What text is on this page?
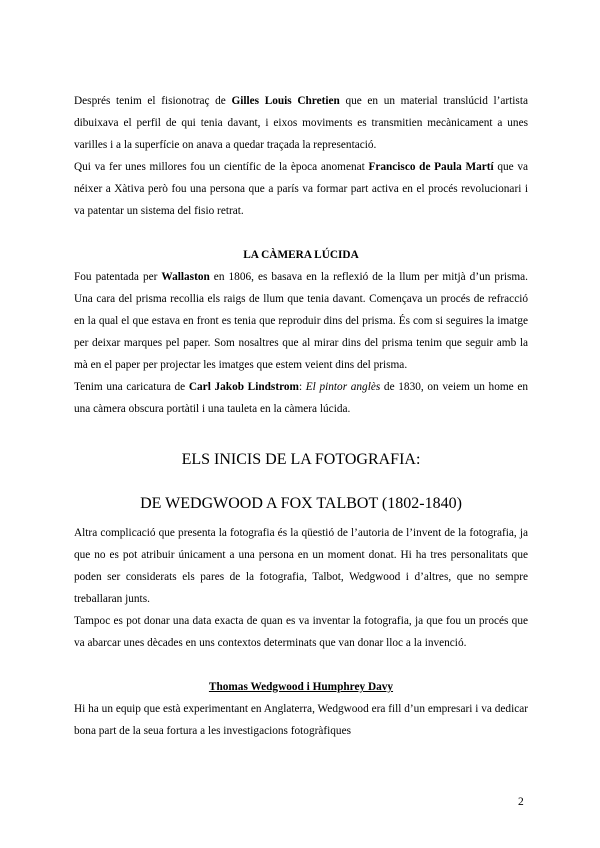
Després tenim el fisionotraç de Gilles Louis Chretien que en un material translúcid l’artista dibuixava el perfil de qui tenia davant, i eixos moviments es transmitien mecànicament a unes varilles i a la superfície on anava a quedar traçada la representació.

Qui va fer unes millores fou un científic de la època anomenat Francisco de Paula Martí que va néixer a Xàtiva però fou una persona que a parís va formar part activa en el procés revolucionari i va patentar un sistema del fisio retrat.

LA CÀMERA LÚCIDA

Fou patentada per Wallaston en 1806, es basava en la reflexió de la llum per mitjà d’un prisma. Una cara del prisma recollia els raigs de llum que tenia davant. Començava un procés de refracció en la qual el que estava en front es tenia que reproduir dins del prisma. És com si seguires la imatge per deixar marques pel paper. Som nosaltres que al mirar dins del prisma tenim que seguir amb la mà en el paper per projectar les imatges que estem veient dins del prisma.

Tenim una caricatura de Carl Jakob Lindstrom: El pintor anglès de 1830, on veiem un home en una càmera obscura portàtil i una tauleta en la càmera lúcida.

ELS INICIS DE LA FOTOGRAFIA:
DE WEDGWOOD A FOX TALBOT (1802-1840)

Altra complicació que presenta la fotografia és la qüestió de l’autoria de l’invent de la fotografia, ja que no es pot atribuir únicament a una persona en un moment donat. Hi ha tres personalitats que poden ser considerats els pares de la fotografia, Talbot, Wedgwood i d’altres, que no sempre treballaran junts.

Tampoc es pot donar una data exacta de quan es va inventar la fotografia, ja que fou un procés que va abarcar unes dècades en uns contextos determinats que van donar lloc a la invenció.

Thomas Wedgwood i Humphrey Davy

Hi ha un equip que està experimentant en Anglaterra, Wedgwood era fill d’un empresari i va dedicar bona part de la seua fortura a les investigacions fotogràfiques

2
